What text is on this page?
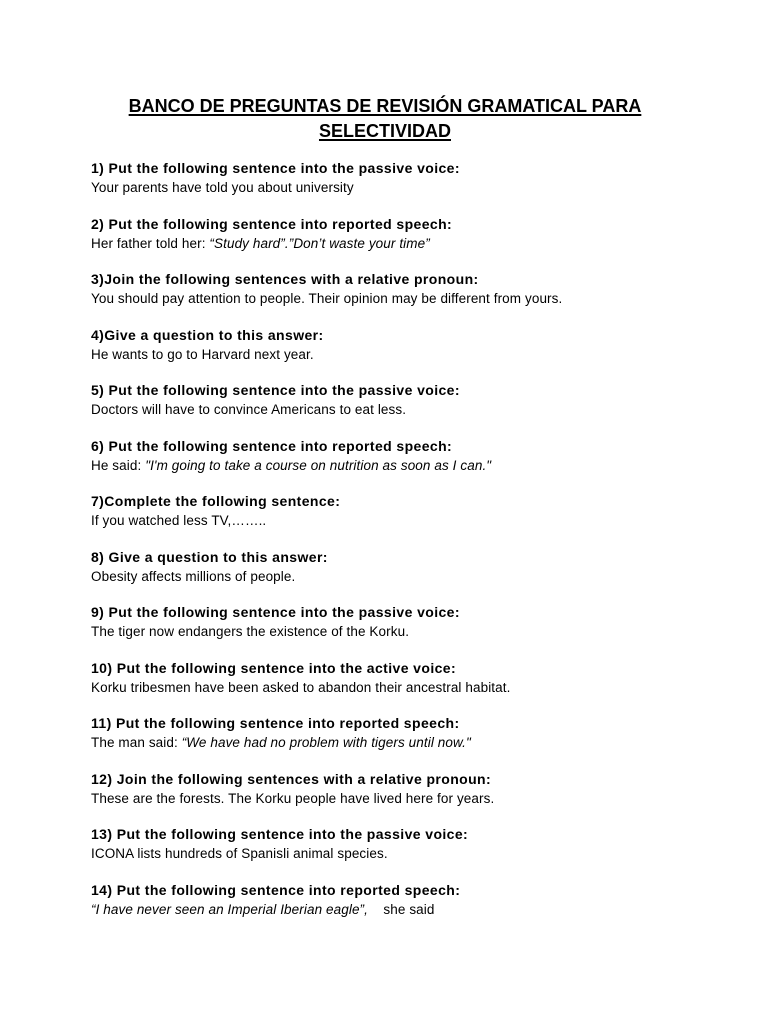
BANCO DE PREGUNTAS DE REVISIÓN GRAMATICAL PARA SELECTIVIDAD
1) Put the following sentence into the passive voice:
Your parents have told you about university
2) Put the following sentence into reported speech:
Her father told her: “Study hard”.”Don’t waste your time”
3)Join the following sentences with a relative pronoun:
You should pay attention to people. Their opinion may be different from yours.
4)Give a question to this answer:
He wants to go to Harvard next year.
5) Put the following sentence into the passive voice:
Doctors will have to convince Americans to eat less.
6) Put the following sentence into reported speech:
He said: "I'm going to take a course on nutrition as soon as I can."
7)Complete the following sentence:
If you watched less TV,……..
8) Give a question to this answer:
Obesity affects millions of people.
9) Put the following sentence into the passive voice:
The tiger now endangers the existence of the Korku.
10) Put the following sentence into the active voice:
Korku tribesmen have been asked to abandon their ancestral habitat.
11) Put the following sentence into reported speech:
The man said: “We have had no problem with tigers until now."
12) Join the following sentences with a relative pronoun:
These are the forests. The Korku people have lived here for years.
13) Put the following sentence into the passive voice:
ICONA lists hundreds of Spanisli animal species.
14) Put the following sentence into reported speech:
“I have never seen an Imperial Iberian eagle”,    she said
